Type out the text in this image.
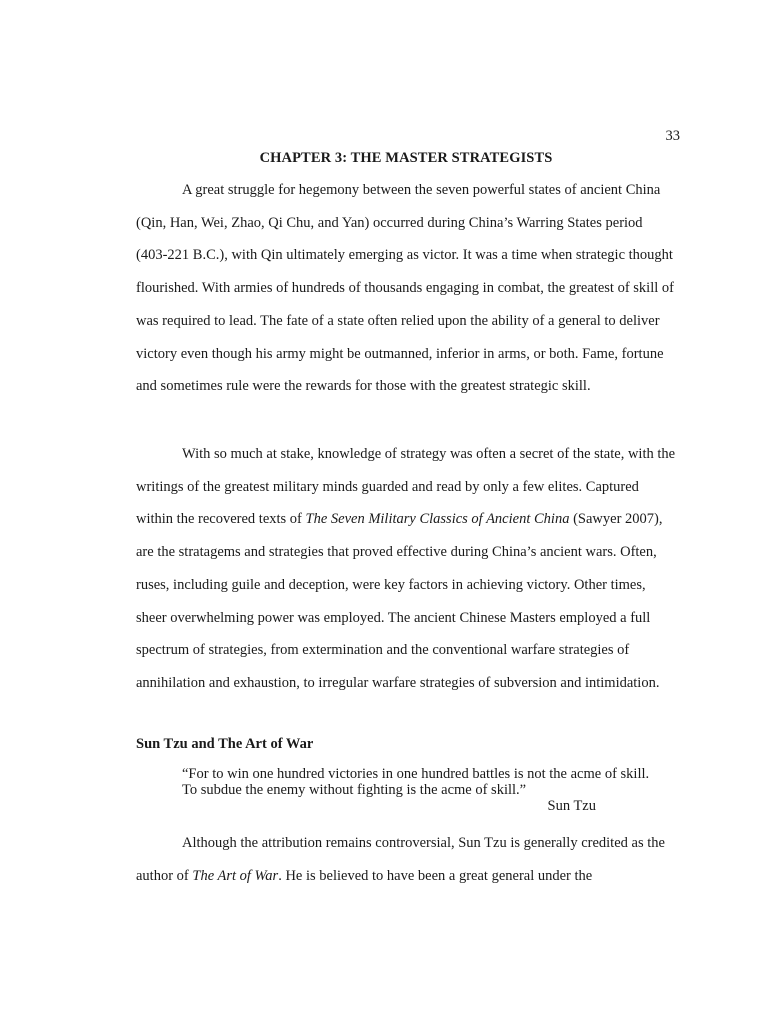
33
CHAPTER 3: THE MASTER STRATEGISTS

A great struggle for hegemony between the seven powerful states of ancient China (Qin, Han, Wei, Zhao, Qi Chu, and Yan) occurred during China’s Warring States period (403-221 B.C.), with Qin ultimately emerging as victor. It was a time when strategic thought flourished. With armies of hundreds of thousands engaging in combat, the greatest of skill of was required to lead. The fate of a state often relied upon the ability of a general to deliver victory even though his army might be outmanned, inferior in arms, or both. Fame, fortune and sometimes rule were the rewards for those with the greatest strategic skill.

With so much at stake, knowledge of strategy was often a secret of the state, with the writings of the greatest military minds guarded and read by only a few elites. Captured within the recovered texts of The Seven Military Classics of Ancient China (Sawyer 2007), are the stratagems and strategies that proved effective during China’s ancient wars. Often, ruses, including guile and deception, were key factors in achieving victory. Other times, sheer overwhelming power was employed. The ancient Chinese Masters employed a full spectrum of strategies, from extermination and the conventional warfare strategies of annihilation and exhaustion, to irregular warfare strategies of subversion and intimidation.

Sun Tzu and The Art of War
“For to win one hundred victories in one hundred battles is not the acme of skill.
To subdue the enemy without fighting is the acme of skill.”
Sun Tzu

Although the attribution remains controversial, Sun Tzu is generally credited as the author of The Art of War. He is believed to have been a great general under the
